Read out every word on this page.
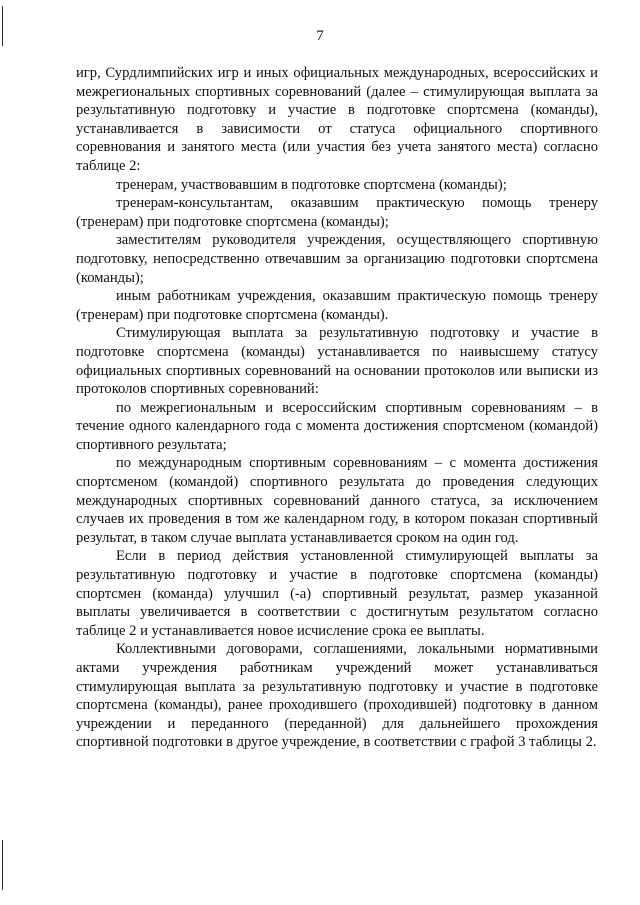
7

игр, Сурдлимпийских игр и иных официальных международных, всероссийских и межрегиональных спортивных соревнований (далее – стимулирующая выплата за результативную подготовку и участие в подготовке спортсмена (команды), устанавливается в зависимости от статуса официального спортивного соревнования и занятого места (или участия без учета занятого места) согласно таблице 2:

тренерам, участвовавшим в подготовке спортсмена (команды);

тренерам-консультантам, оказавшим практическую помощь тренеру (тренерам) при подготовке спортсмена (команды);

заместителям руководителя учреждения, осуществляющего спортивную подготовку, непосредственно отвечавшим за организацию подготовки спортсмена (команды);

иным работникам учреждения, оказавшим практическую помощь тренеру (тренерам) при подготовке спортсмена (команды).

Стимулирующая выплата за результативную подготовку и участие в подготовке спортсмена (команды) устанавливается по наивысшему статусу официальных спортивных соревнований на основании протоколов или выписки из протоколов спортивных соревнований:

по межрегиональным и всероссийским спортивным соревнованиям – в течение одного календарного года с момента достижения спортсменом (командой) спортивного результата;

по международным спортивным соревнованиям – с момента достижения спортсменом (командой) спортивного результата до проведения следующих международных спортивных соревнований данного статуса, за исключением случаев их проведения в том же календарном году, в котором показан спортивный результат, в таком случае выплата устанавливается сроком на один год.

Если в период действия установленной стимулирующей выплаты за результативную подготовку и участие в подготовке спортсмена (команды) спортсмен (команда) улучшил (-а) спортивный результат, размер указанной выплаты увеличивается в соответствии с достигнутым результатом согласно таблице 2 и устанавливается новое исчисление срока ее выплаты.

Коллективными договорами, соглашениями, локальными нормативными актами учреждения работникам учреждений может устанавливаться стимулирующая выплата за результативную подготовку и участие в подготовке спортсмена (команды), ранее проходившего (проходившей) подготовку в данном учреждении и переданного (переданной) для дальнейшего прохождения спортивной подготовки в другое учреждение, в соответствии с графой 3 таблицы 2.
